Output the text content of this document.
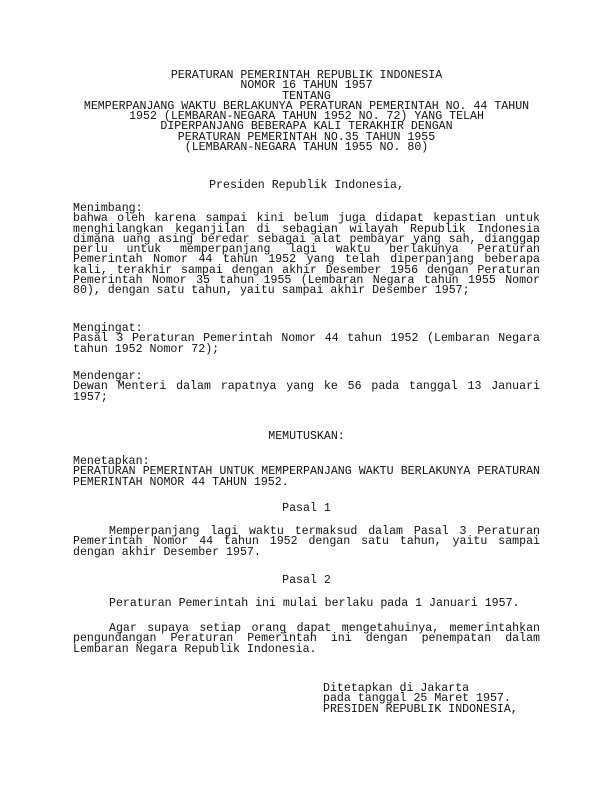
PERATURAN PEMERINTAH REPUBLIK INDONESIA
NOMOR 16 TAHUN 1957
TENTANG
MEMPERPANJANG WAKTU BERLAKUNYA PERATURAN PEMERINTAH NO. 44 TAHUN
1952 (LEMBARAN-NEGARA TAHUN 1952 NO. 72) YANG TELAH
DIPERPANJANG BEBERAPA KALI TERAKHIR DENGAN
PERATURAN PEMERINTAH NO.35 TAHUN 1955
(LEMBARAN-NEGARA TAHUN 1955 NO. 80)
Presiden Republik Indonesia,
Menimbang:
bahwa oleh karena sampai kini belum juga didapat kepastian untuk menghilangkan keganjilan di sebagian wilayah Republik Indonesia dimana uang asing beredar sebagai alat pembayar yang sah, dianggap perlu untuk memperpanjang lagi waktu berlakunya Peraturan Pemerintah Nomor 44 tahun 1952 yang telah diperpanjang beberapa kali, terakhir sampai dengan akhir Desember 1956 dengan Peraturan Pemerintah Nomor 35 tahun 1955 (Lembaran Negara tahun 1955 Nomor 80), dengan satu tahun, yaitu sampai akhir Desember 1957;
Mengingat:
Pasal 3 Peraturan Pemerintah Nomor 44 tahun 1952 (Lembaran Negara tahun 1952 Nomor 72);
Mendengar:
Dewan Menteri dalam rapatnya yang ke 56 pada tanggal 13 Januari 1957;
MEMUTUSKAN:
Menetapkan:
PERATURAN PEMERINTAH UNTUK MEMPERPANJANG WAKTU BERLAKUNYA PERATURAN PEMERINTAH NOMOR 44 TAHUN 1952.
Pasal 1
Memperpanjang lagi waktu termaksud dalam Pasal 3 Peraturan Pemerintah Nomor 44 tahun 1952 dengan satu tahun, yaitu sampai dengan akhir Desember 1957.
Pasal 2
Peraturan Pemerintah ini mulai berlaku pada 1 Januari 1957.
Agar supaya setiap orang dapat mengetahuinya, memerintahkan pengundangan Peraturan Pemerintah ini dengan penempatan dalam Lembaran Negara Republik Indonesia.
Ditetapkan di Jakarta
pada tanggal 25 Maret 1957.
PRESIDEN REPUBLIK INDONESIA,
